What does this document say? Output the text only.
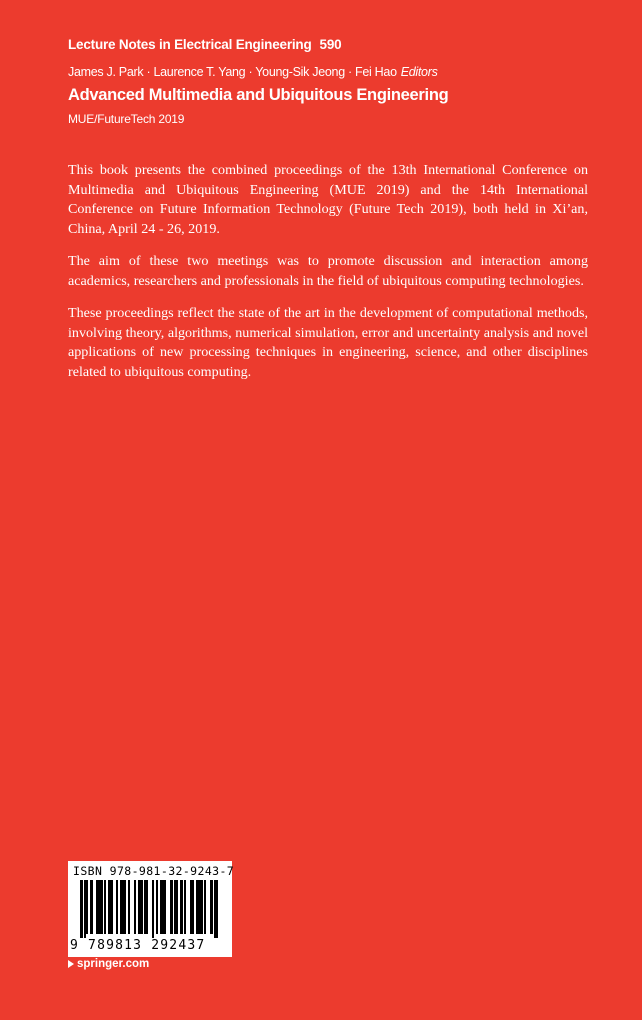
Lecture Notes in Electrical Engineering 590
James J. Park · Laurence T. Yang · Young-Sik Jeong · Fei Hao Editors
Advanced Multimedia and Ubiquitous Engineering
MUE/FutureTech 2019

This book presents the combined proceedings of the 13th International Conference on Multimedia and Ubiquitous Engineering (MUE 2019) and the 14th International Conference on Future Information Technology (Future Tech 2019), both held in Xi’an, China, April 24 - 26, 2019.

The aim of these two meetings was to promote discussion and interaction among academics, researchers and professionals in the field of ubiquitous computing technologies.

These proceedings reflect the state of the art in the development of computational methods, involving theory, algorithms, numerical simulation, error and uncertainty analysis and novel applications of new processing techniques in engineering, science, and other disciplines related to ubiquitous computing.

ISBN 978-981-32-9243-7
9 789813 292437
springer.com
